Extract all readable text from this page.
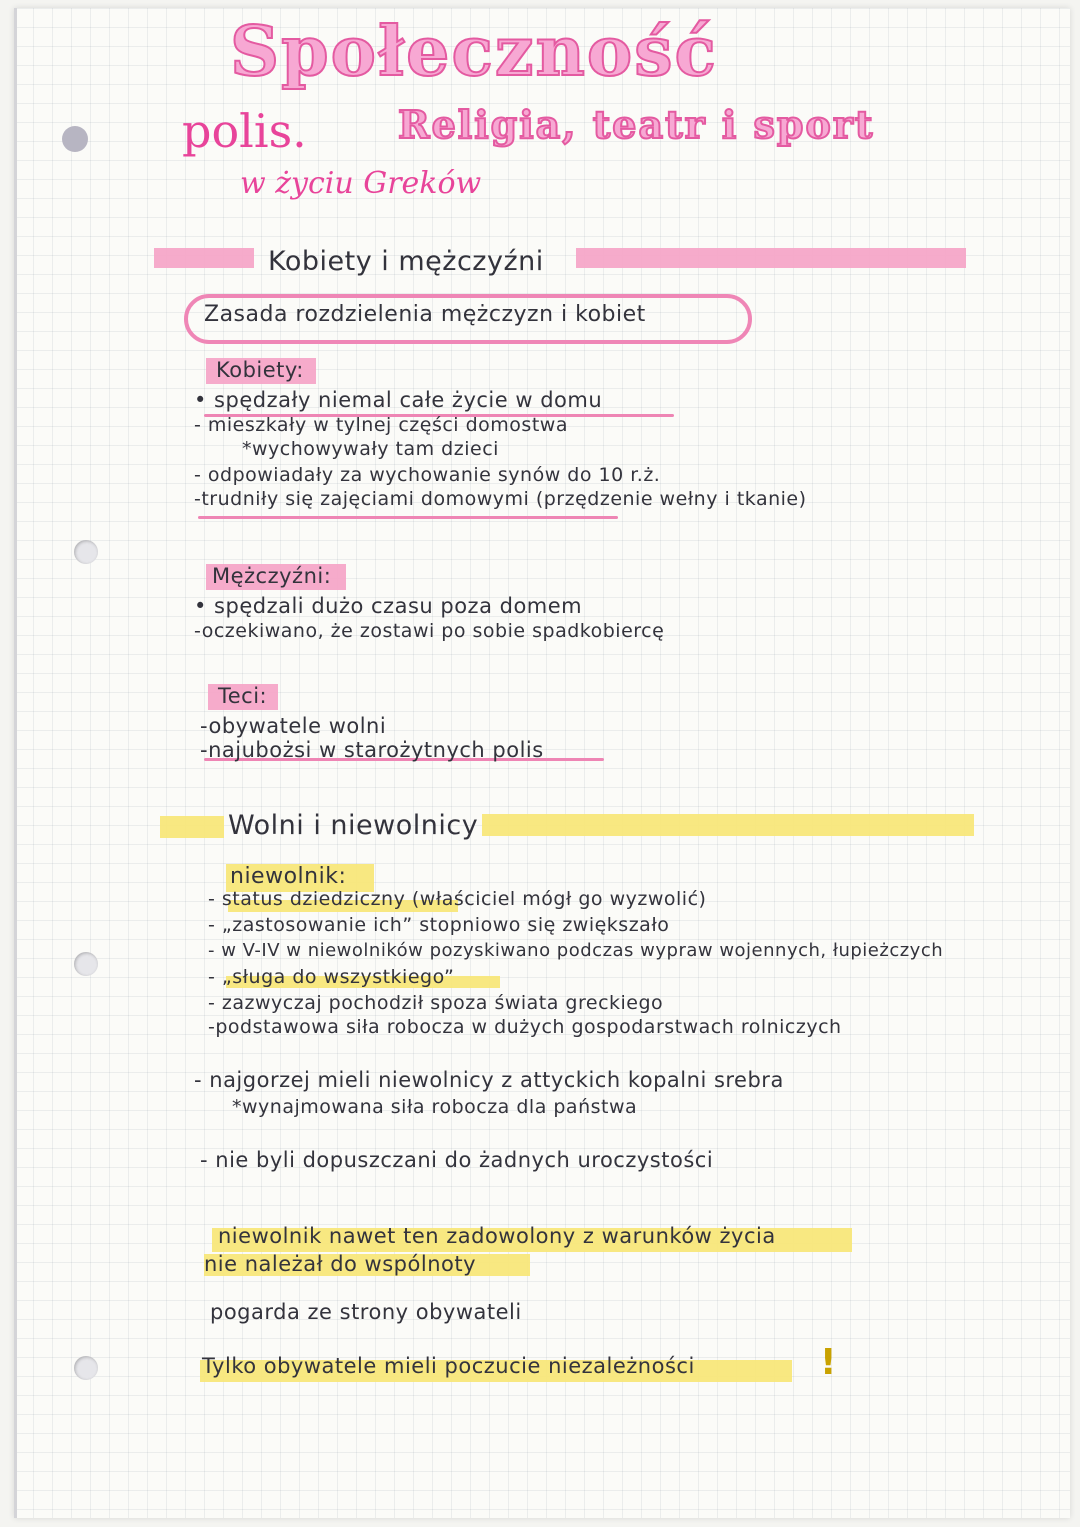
Społeczność
polis. Religia, teatr i sport
w życiu Greków
Kobiety i mężczyźni
Zasada rozdzielenia mężczyzn i kobiet
Kobiety:
• spędzały niemal całe życie w domu
- mieszkały w tylnej części domostwa
*wychowywały tam dzieci
- odpowiadały za wychowanie synów do 10 r.ż.
-trudniły się zajęciami domowymi (przędzenie wełny i tkanie)
Mężczyźni:
• spędzali dużo czasu poza domem
-oczekiwano, że zostawi po sobie spadkobiercę
Teci:
-obywatele wolni
-najubożsi w starożytnych polis
Wolni i niewolnicy
niewolnik:
- status dziedziczny (właściciel mógł go wyzwolić)
- „zastosowanie ich” stopniowo się zwiększało
- w V-IV w niewolników pozyskiwano podczas wypraw wojennych, łupieżczych
- „sługa do wszystkiego”
- zazwyczaj pochodził spoza świata greckiego
-podstawowa siła robocza w dużych gospodarstwach rolniczych
- najgorzej mieli niewolnicy z attyckich kopalni srebra
*wynajmowana siła robocza dla państwa
- nie byli dopuszczani do żadnych uroczystości
niewolnik nawet ten zadowolony z warunków życia
nie należał do wspólnoty
pogarda ze strony obywateli
Tylko obywatele mieli poczucie niezależności	!
